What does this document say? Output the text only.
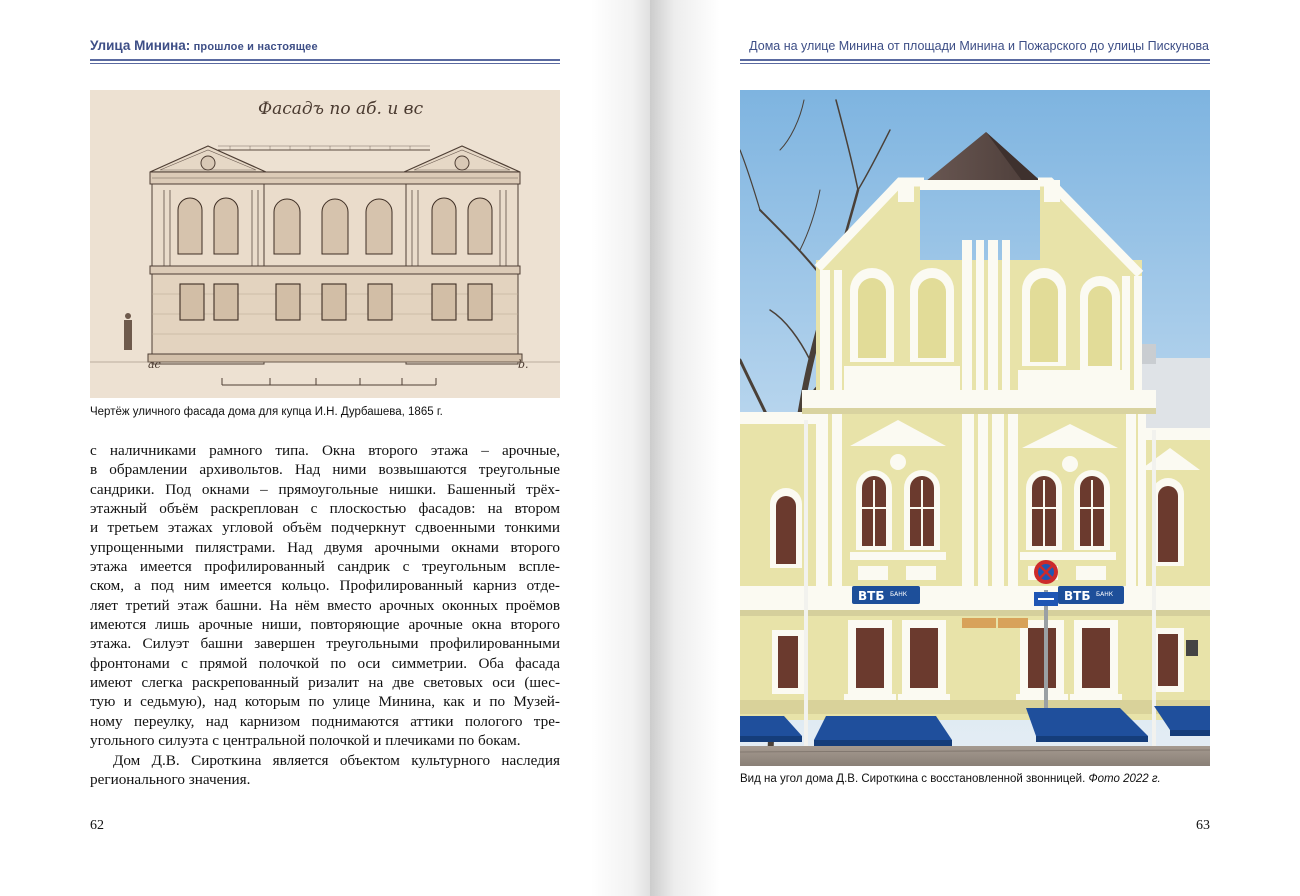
Улица Минина: прошлое и настоящее
Фасадъ по аб. и вс
ас	b.
Чертёж уличного фасада дома для купца И.Н. Дурбашева, 1865 г.
с наличниками рамного типа. Окна второго этажа – арочные,
в обрамлении архивольтов. Над ними возвышаются треугольные
сандрики. Под окнами – прямоугольные нишки. Башенный трёх-
этажный объём раскреплован с плоскостью фасадов: на втором
и третьем этажах угловой объём подчеркнут сдвоенными тонкими
упрощенными пилястрами. Над двумя арочными окнами второго
этажа имеется профилированный сандрик с треугольным вспле-
ском, а под ним имеется кольцо. Профилированный карниз отде-
ляет третий этаж башни. На нём вместо арочных оконных проёмов
имеются лишь арочные ниши, повторяющие арочные окна второго
этажа. Силуэт башни завершен треугольными профилированными
фронтонами с прямой полочкой по оси симметрии. Оба фасада
имеют слегка раскрепованный ризалит на две световых оси (шес-
тую и седьмую), над которым по улице Минина, как и по Музей-
ному переулку, над карнизом поднимаются аттики пологого тре-
угольного силуэта с центральной полочкой и плечиками по бокам.
Дом Д.В. Сироткина является объектом культурного наследия
регионального значения.
62
Дома на улице Минина от площади Минина и Пожарского до улицы Пискунова
ВТБ БАНК	ВТБ БАНК
Вид на угол дома Д.В. Сироткина с восстановленной звонницей. Фото 2022 г.
63
